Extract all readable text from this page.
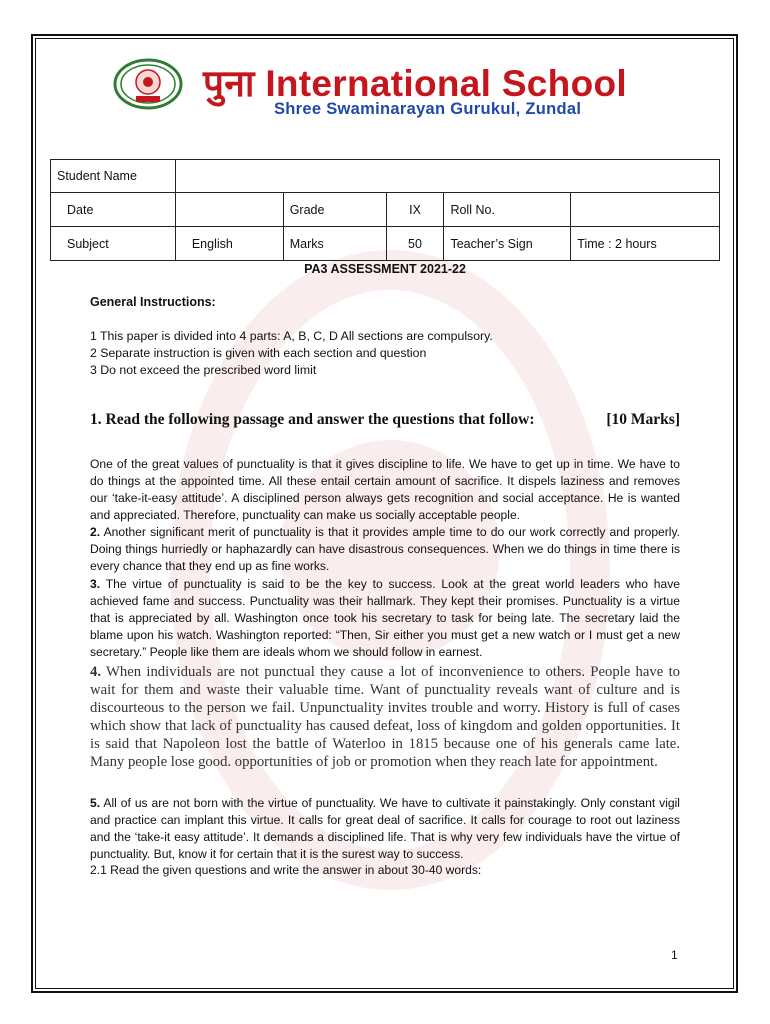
पुना International School
Shree Swaminarayan Gurukul, Zundal
Student Name					
Date		Grade	IX	Roll No.	
Subject	English	Marks	50	Teacher’s Sign	Time : 2 hours
PA3 ASSESSMENT 2021-22
General Instructions:
1 This paper is divided into 4 parts: A, B, C, D All sections are compulsory.
2 Separate instruction is given with each section and question
3 Do not exceed the prescribed word limit
1. Read the following passage and answer the questions that follow:	[10 Marks]

One of the great values of punctuality is that it gives discipline to life. We have to get up in time. We have to do things at the appointed time. All these entail certain amount of sacrifice. It dispels laziness and removes our ‘take-it-easy attitude’. A disciplined person always gets recognition and social acceptance. He is wanted and appreciated. Therefore, punctuality can make us socially acceptable people.

2. Another significant merit of punctuality is that it provides ample time to do our work correctly and properly. Doing things hurriedly or haphazardly can have disastrous consequences. When we do things in time there is every chance that they end up as fine works.

3. The virtue of punctuality is said to be the key to success. Look at the great world leaders who have achieved fame and success. Punctuality was their hallmark. They kept their promises. Punctuality is a virtue that is appreciated by all. Washington once took his secretary to task for being late. The secretary laid the blame upon his watch. Washington reported: “Then, Sir either you must get a new watch or I must get a new secretary.” People like them are ideals whom we should follow in earnest.

4. When individuals are not punctual they cause a lot of inconvenience to others. People have to wait for them and waste their valuable time. Want of punctuality reveals want of culture and is discourteous to the person we fail. Unpunctuality invites trouble and worry. History is full of cases which show that lack of punctuality has caused defeat, loss of kingdom and golden opportunities. It is said that Napoleon lost the battle of Waterloo in 1815 because one of his generals came late. Many people lose good. opportunities of job or promotion when they reach late for appointment.

5. All of us are not born with the virtue of punctuality. We have to cultivate it painstakingly. Only constant vigil and practice can implant this virtue. It calls for great deal of sacrifice. It calls for courage to root out laziness and the ‘take-it easy attitude’. It demands a disciplined life. That is why very few individuals have the virtue of punctuality. But, know it for certain that it is the surest way to success.

2.1 Read the given questions and write the answer in about 30-40 words:

1
